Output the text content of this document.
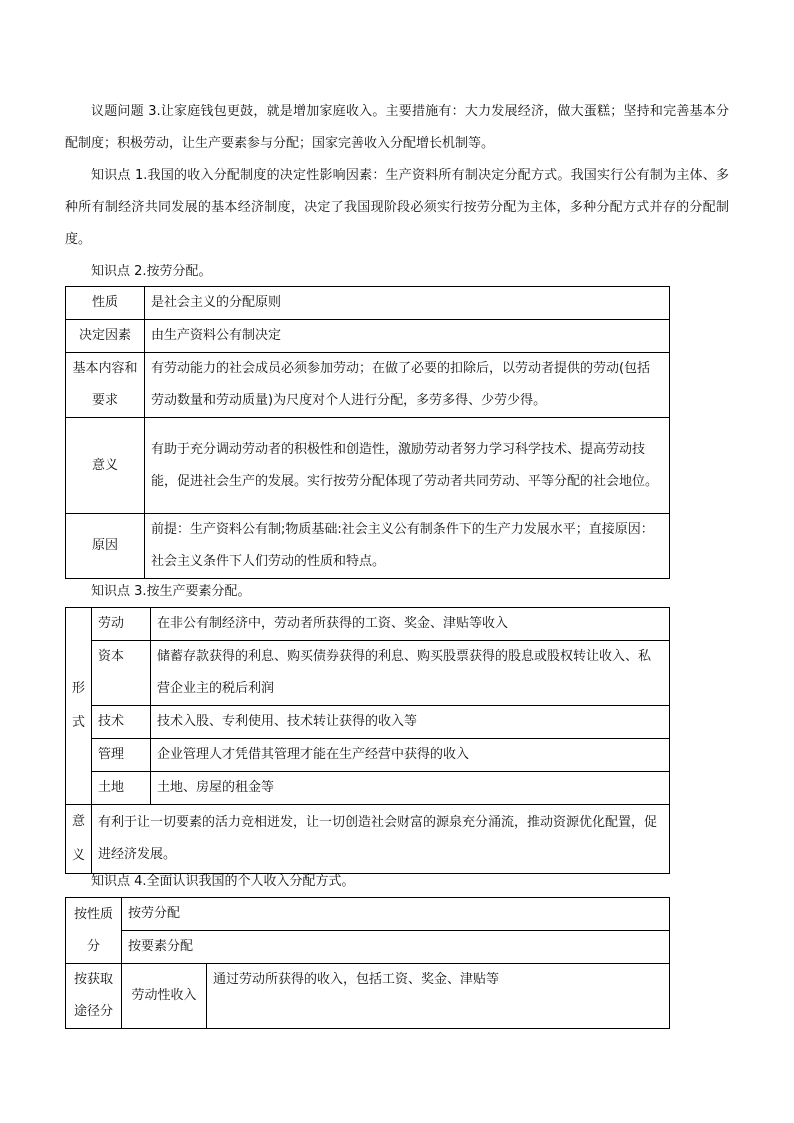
议题问题 3.让家庭钱包更鼓，就是增加家庭收入。主要措施有：大力发展经济，做大蛋糕；坚持和完善基本分配制度；积极劳动，让生产要素参与分配；国家完善收入分配增长机制等。

知识点 1.我国的收入分配制度的决定性影响因素：生产资料所有制决定分配方式。我国实行公有制为主体、多种所有制经济共同发展的基本经济制度，决定了我国现阶段必须实行按劳分配为主体，多种分配方式并存的分配制度。

知识点 2.按劳分配。

性质	是社会主义的分配原则
决定因素	由生产资料公有制决定
基本内容和要求	有劳动能力的社会成员必须参加劳动；在做了必要的扣除后，以劳动者提供的劳动(包括劳动数量和劳动质量)为尺度对个人进行分配，多劳多得、少劳少得。
意义	有助于充分调动劳动者的积极性和创造性，激励劳动者努力学习科学技术、提高劳动技能，促进社会生产的发展。实行按劳分配体现了劳动者共同劳动、平等分配的社会地位。
原因	前提：生产资料公有制;物质基础:社会主义公有制条件下的生产力发展水平；直接原因：社会主义条件下人们劳动的性质和特点。

知识点 3.按生产要素分配。

形
式	劳动	在非公有制经济中，劳动者所获得的工资、奖金、津贴等收入
	资本	储蓄存款获得的利息、购买债券获得的利息、购买股票获得的股息或股权转让收入、私营企业主的税后利润
	技术	技术入股、专利使用、技术转让获得的收入等
	管理	企业管理人才凭借其管理才能在生产经营中获得的收入
	土地	土地、房屋的租金等

意
义	有利于让一切要素的活力竞相迸发，让一切创造社会财富的源泉充分涌流，推动资源优化配置，促进经济发展。	

知识点 4.全面认识我国的个人收入分配方式。

按性质分	按劳分配	
	按要素分配	
按获取途径分	劳动性收入	通过劳动所获得的收入，包括工资、奖金、津贴等
